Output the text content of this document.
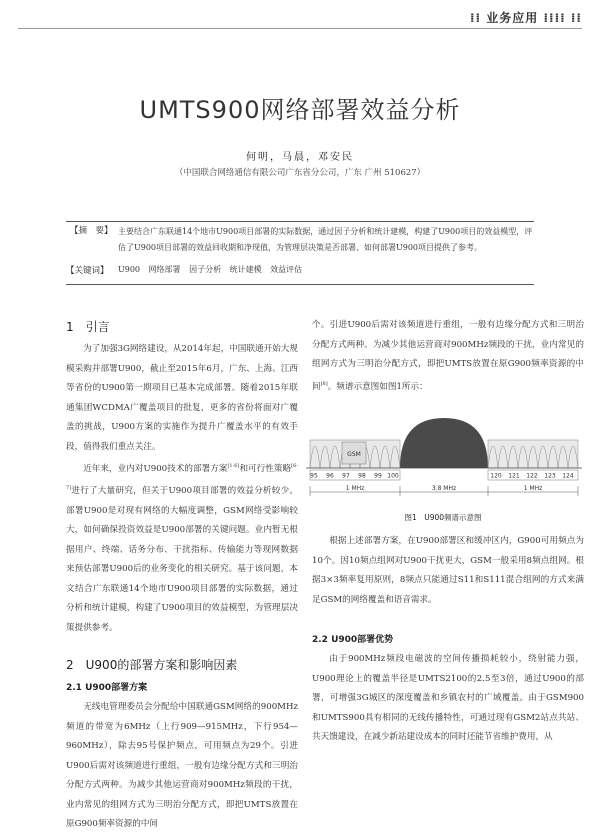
⁞⁞ 业务应用 ⁞⁞⁞⁞ ⁞⁞
UMTS900网络部署效益分析
何明，马晨，邓安民
（中国联合网络通信有限公司广东省分公司，广东 广州 510627）
【摘　要】 主要结合广东联通14个地市U900项目部署的实际数据，通过因子分析和统计建模，构建了U900项目的效益模型，评估了U900项目部署的效益回收期和净现值，为管理层决策是否部署、如何部署U900项目提供了参考。
【关键词】 U900 网络部署 因子分析 统计建模 效益评估
1　引言

为了加强3G网络建设，从2014年起，中国联通开始大规模采购并部署U900，截止至2015年6月，广东、上海、江西等省份的U900第一期项目已基本完成部署。随着2015年联通集团WCDMA广覆盖项目的批复，更多的省份将面对广覆盖的挑战，U900方案的实施作为提升广覆盖水平的有效手段，值得我们重点关注。

近年来，业内对U900技术的部署方案[1-6]和可行性策略[6-7]进行了大量研究，但关于U900项目部署的效益分析较少。部署U900是对现有网络的大幅度调整，GSM网络受影响较大，如何确保投资效益是U900部署的关键问题。业内暂无根据用户、终端、话务分布、干扰指标、传输能力等现网数据来预估部署U900后的业务变化的相关研究。基于该问题，本文结合广东联通14个地市U900项目部署的实际数据，通过分析和统计建模，构建了U900项目的效益模型，为管理层决策提供参考。

2　U900的部署方案和影响因素
2.1 U900部署方案

无线电管理委员会分配给中国联通GSM网络的900MHz频道的带宽为6MHz（上行909—915MHz，下行954—960MHz），除去95号保护频点，可用频点为29个。引进U900后需对该频道进行重组，一般有边缘分配方式和三明治分配方式两种。为减少其他运营商对900MHz频段的干扰，业内常见的组网方式为三明治分配方式，即把UMTS放置在原G900频率资源的中间

个。引进U900后需对该频道进行重组，一般有边缘分配方式和三明治分配方式两种。为减少其他运营商对900MHz频段的干扰，业内常见的组网方式为三明治分配方式，即把UMTS放置在原G900频率资源的中间[8]。频谱示意图如图1所示：

GSM
95 96 97 98 99 100	120 121 122 123 124
1 MHz	3.8 MHz	1 MHz
图1　U900频谱示意图

根据上述部署方案，在U900部署区和缓冲区内，G900可用频点为10个。因10频点组网对U900干扰更大，GSM一般采用8频点组网。根据3×3频率复用原则，8频点只能通过S11和S111混合组网的方式来满足GSM的网络覆盖和语音需求。

2.2 U900部署优势

由于900MHz频段电磁波的空间传播损耗较小，绕射能力强，U900理论上的覆盖半径是UMTS2100的2.5至3倍，通过U900的部署，可增强3G城区的深度覆盖和乡镇农村的广域覆盖。由于GSM900和UMTS900具有相同的无线传播特性，可通过现有GSM2站点共站、共天馈建设，在减少新站建设成本的同时还能节省维护费用，从
